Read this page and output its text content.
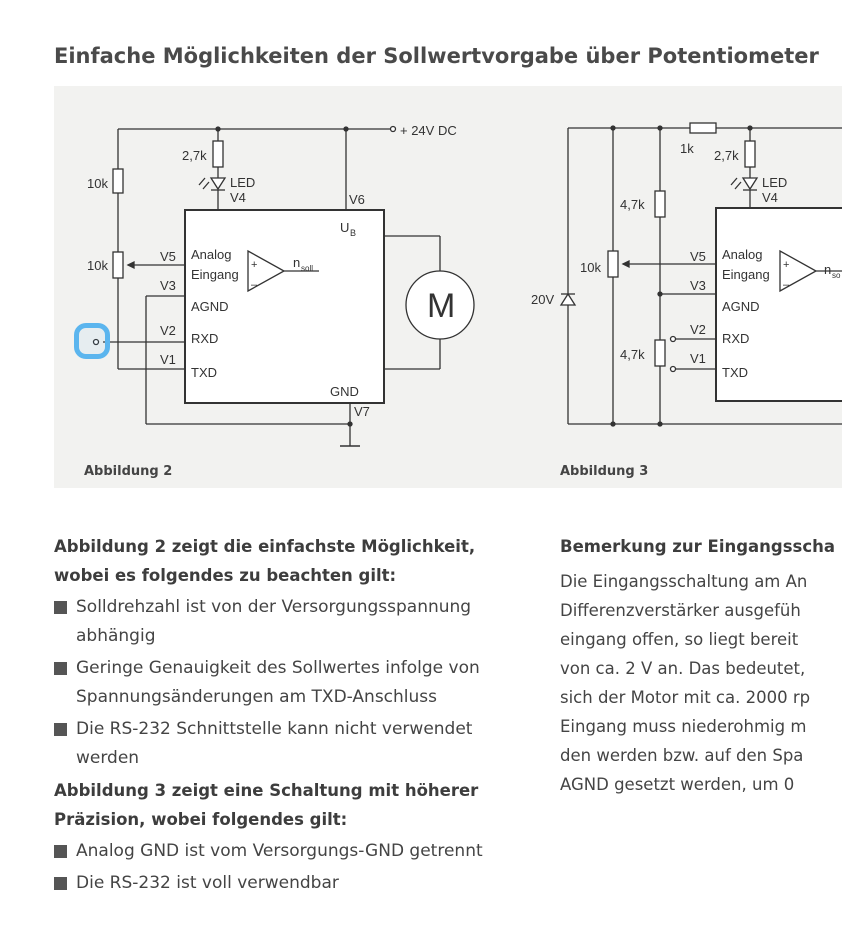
Einfache Möglichkeiten der Sollwertvorgabe über Potentiometer
+ 24V DC
2,7k
LED
V4
10k
10k
V6
U B
V5 Analog
Eingang
V3
AGND
V2
RXD
V1
TXD
GND
V7
n soll
+
–
M
1k 2,7k
LED
V4
4,7k
4,7k
10k
20V
V5 Analog
Eingang
V3
AGND
V2
RXD
V1
TXD
n so
+
–
Abbildung 2	Abbildung 3
Abbildung 2 zeigt die einfachste Möglichkeit, wobei es folgendes zu beachten gilt:
Solldrehzahl ist von der Versorgungsspannung abhängig
Geringe Genauigkeit des Sollwertes infolge von Spannungsänderungen am TXD-Anschluss
Die RS-232 Schnittstelle kann nicht verwendet werden
Abbildung 3 zeigt eine Schaltung mit höherer Präzision, wobei folgendes gilt:
Analog GND ist vom Versorgungs-GND getrennt
Die RS-232 ist voll verwendbar
Bemerkung zur Eingangsscha
Die Eingangsschaltung am An
Differenzverstärker ausgefüh
eingang offen, so liegt bereit
von ca. 2 V an. Das bedeutet,
sich der Motor mit ca. 2000 rp
Eingang muss niederohmig m
den werden bzw. auf den Spa
AGND gesetzt werden, um 0
